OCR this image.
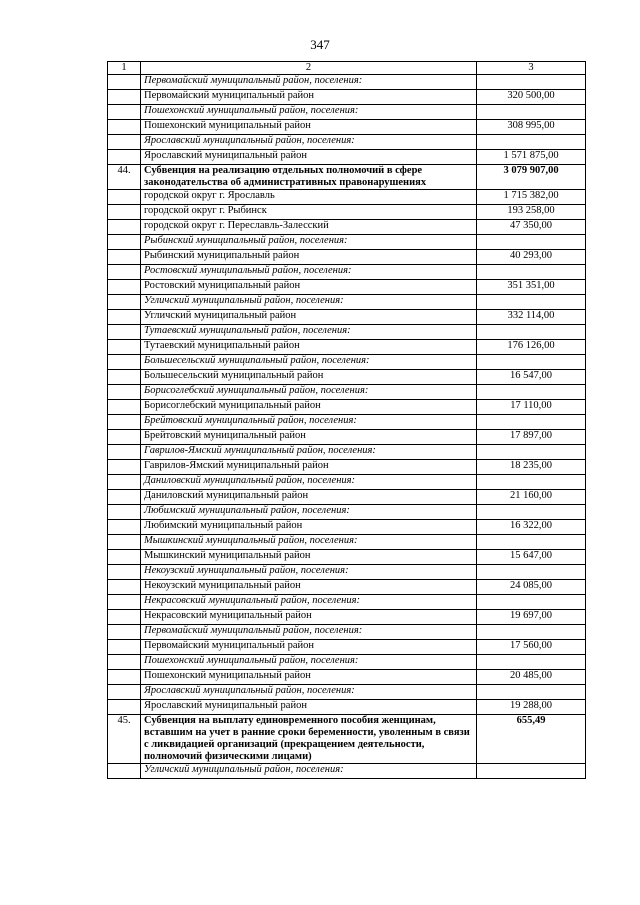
347
1	2	3
	Первомайский муниципальный район, поселения:	
	Первомайский муниципальный район	320 500,00
	Пошехонский муниципальный район, поселения:	
	Пошехонский муниципальный район	308 995,00
	Ярославский муниципальный район, поселения:	
	Ярославский муниципальный район	1 571 875,00
44.	Субвенция на реализацию отдельных полномочий в сфере законодательства об административных правонарушениях	3 079 907,00
	городской округ г. Ярославль	1 715 382,00
	городской округ г. Рыбинск	193 258,00
	городской округ г. Переславль-Залесский	47 350,00
	Рыбинский муниципальный район, поселения:	
	Рыбинский муниципальный район	40 293,00
	Ростовский муниципальный район, поселения:	
	Ростовский муниципальный район	351 351,00
	Угличский муниципальный район, поселения:	
	Угличский муниципальный район	332 114,00
	Тутаевский муниципальный район, поселения:	
	Тутаевский муниципальный район	176 126,00
	Большесельский муниципальный район, поселения:	
	Большесельский муниципальный район	16 547,00
	Борисоглебский муниципальный район, поселения:	
	Борисоглебский муниципальный район	17 110,00
	Брейтовский муниципальный район, поселения:	
	Брейтовский муниципальный район	17 897,00
	Гаврилов-Ямский муниципальный район, поселения:	
	Гаврилов-Ямский муниципальный район	18 235,00
	Даниловский муниципальный район, поселения:	
	Даниловский муниципальный район	21 160,00
	Любимский муниципальный район, поселения:	
	Любимский муниципальный район	16 322,00
	Мышкинский муниципальный район, поселения:	
	Мышкинский муниципальный район	15 647,00
	Некоузский муниципальный район, поселения:	
	Некоузский муниципальный район	24 085,00
	Некрасовский муниципальный район, поселения:	
	Некрасовский муниципальный район	19 697,00
	Первомайский муниципальный район, поселения:	
	Первомайский муниципальный район	17 560,00
	Пошехонский муниципальный район, поселения:	
	Пошехонский муниципальный район	20 485,00
	Ярославский муниципальный район, поселения:	
	Ярославский муниципальный район	19 288,00
45.	Субвенция на выплату единовременного пособия женщинам, вставшим на учет в ранние сроки беременности, уволенным в связи с ликвидацией организаций (прекращением деятельности, полномочий физическими лицами)	655,49
	Угличский муниципальный район, поселения:	
